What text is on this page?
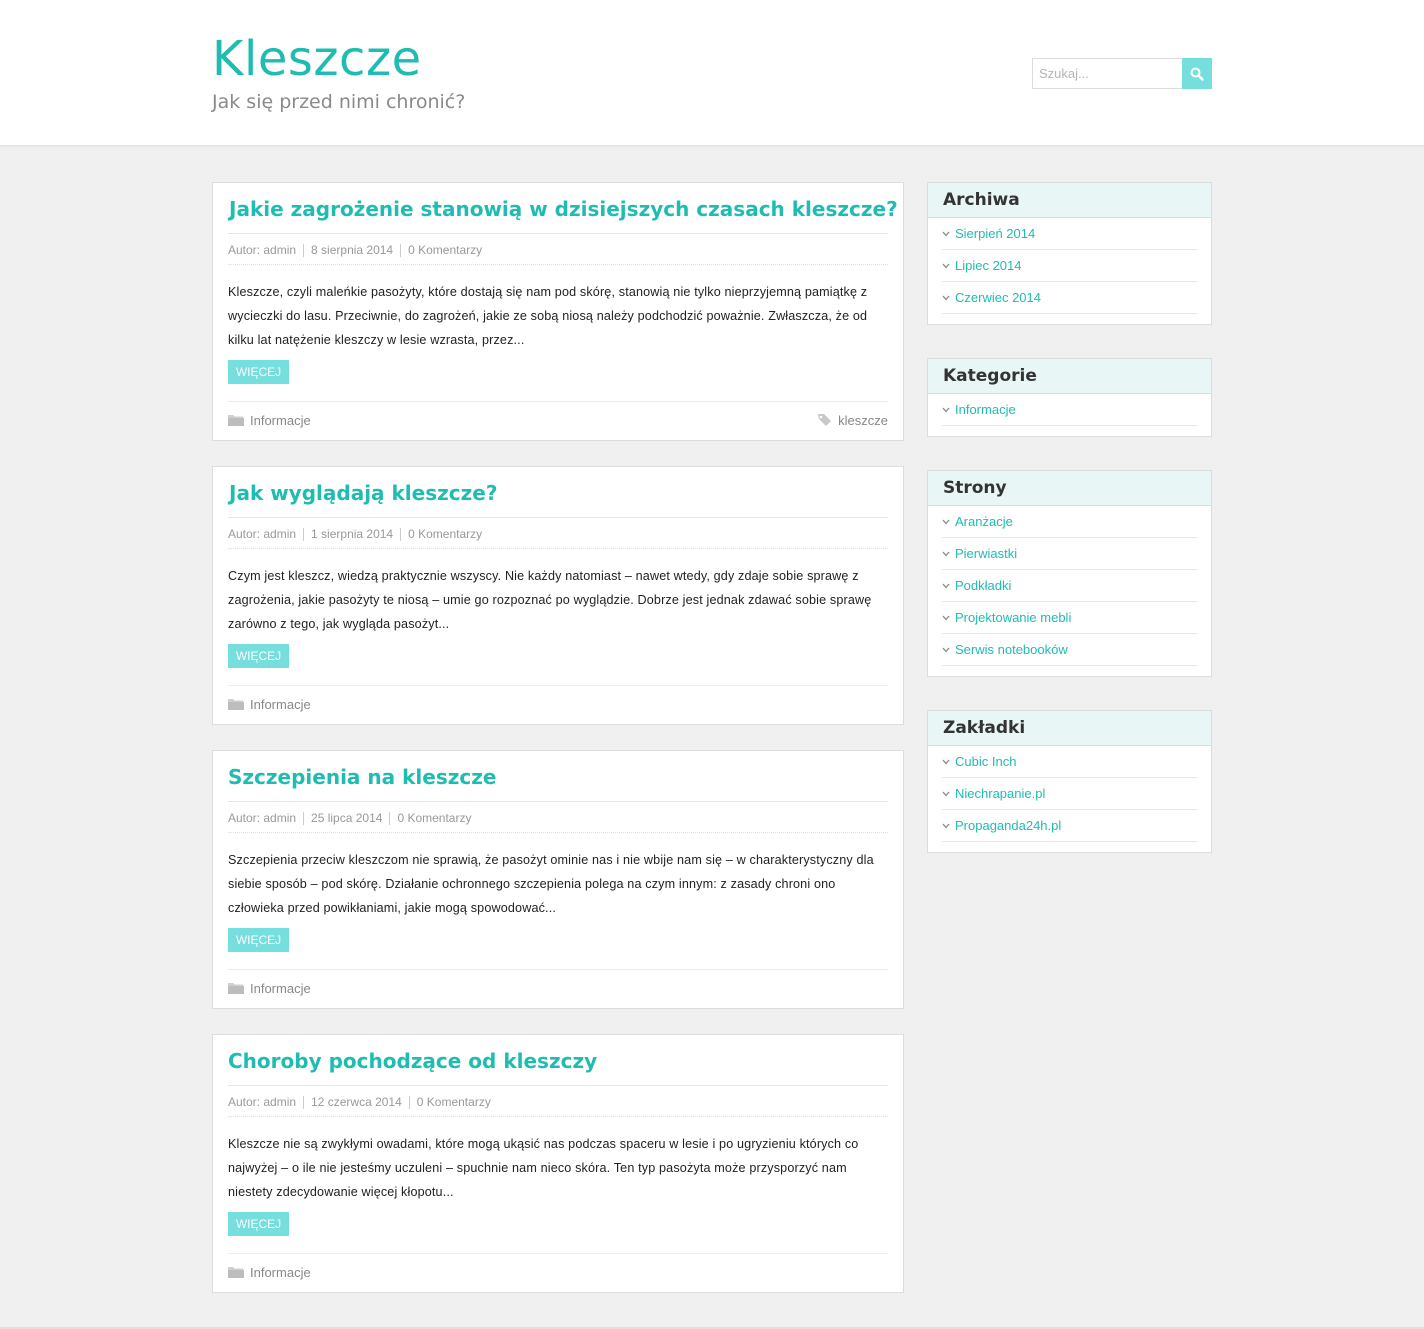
Kleszcze
Jak się przed nimi chronić?
Szukaj...
Jakie zagrożenie stanowią w dzisiejszych czasach kleszcze?
Autor: admin 8 sierpnia 2014 0 Komentarzy

Kleszcze, czyli maleńkie pasożyty, które dostają się nam pod skórę, stanowią nie tylko nieprzyjemną pamiątkę z wycieczki do lasu. Przeciwnie, do zagrożeń, jakie ze sobą niosą należy podchodzić poważnie. Zwłaszcza, że od kilku lat natężenie kleszczy w lesie wzrasta, przez...

WIĘCEJ
Informacje	kleszcze
Jak wyglądają kleszcze?
Autor: admin 1 sierpnia 2014 0 Komentarzy

Czym jest kleszcz, wiedzą praktycznie wszyscy. Nie każdy natomiast – nawet wtedy, gdy zdaje sobie sprawę z zagrożenia, jakie pasożyty te niosą – umie go rozpoznać po wyglądzie. Dobrze jest jednak zdawać sobie sprawę zarówno z tego, jak wygląda pasożyt...

WIĘCEJ
Informacje
Szczepienia na kleszcze
Autor: admin 25 lipca 2014 0 Komentarzy

Szczepienia przeciw kleszczom nie sprawią, że pasożyt ominie nas i nie wbije nam się – w charakterystyczny dla siebie sposób – pod skórę. Działanie ochronnego szczepienia polega na czym innym: z zasady chroni ono człowieka przed powikłaniami, jakie mogą spowodować...

WIĘCEJ
Informacje
Choroby pochodzące od kleszczy
Autor: admin 12 czerwca 2014 0 Komentarzy

Kleszcze nie są zwykłymi owadami, które mogą ukąsić nas podczas spaceru w lesie i po ugryzieniu których co najwyżej – o ile nie jesteśmy uczuleni – spuchnie nam nieco skóra. Ten typ pasożyta może przysporzyć nam niestety zdecydowanie więcej kłopotu...

WIĘCEJ
Informacje
Archiwa
Sierpień 2014
Lipiec 2014
Czerwiec 2014
Kategorie
Informacje
Strony
Aranżacje
Pierwiastki
Podkładki
Projektowanie mebli
Serwis notebooków
Zakładki
Cubic Inch
Niechrapanie.pl
Propaganda24h.pl
